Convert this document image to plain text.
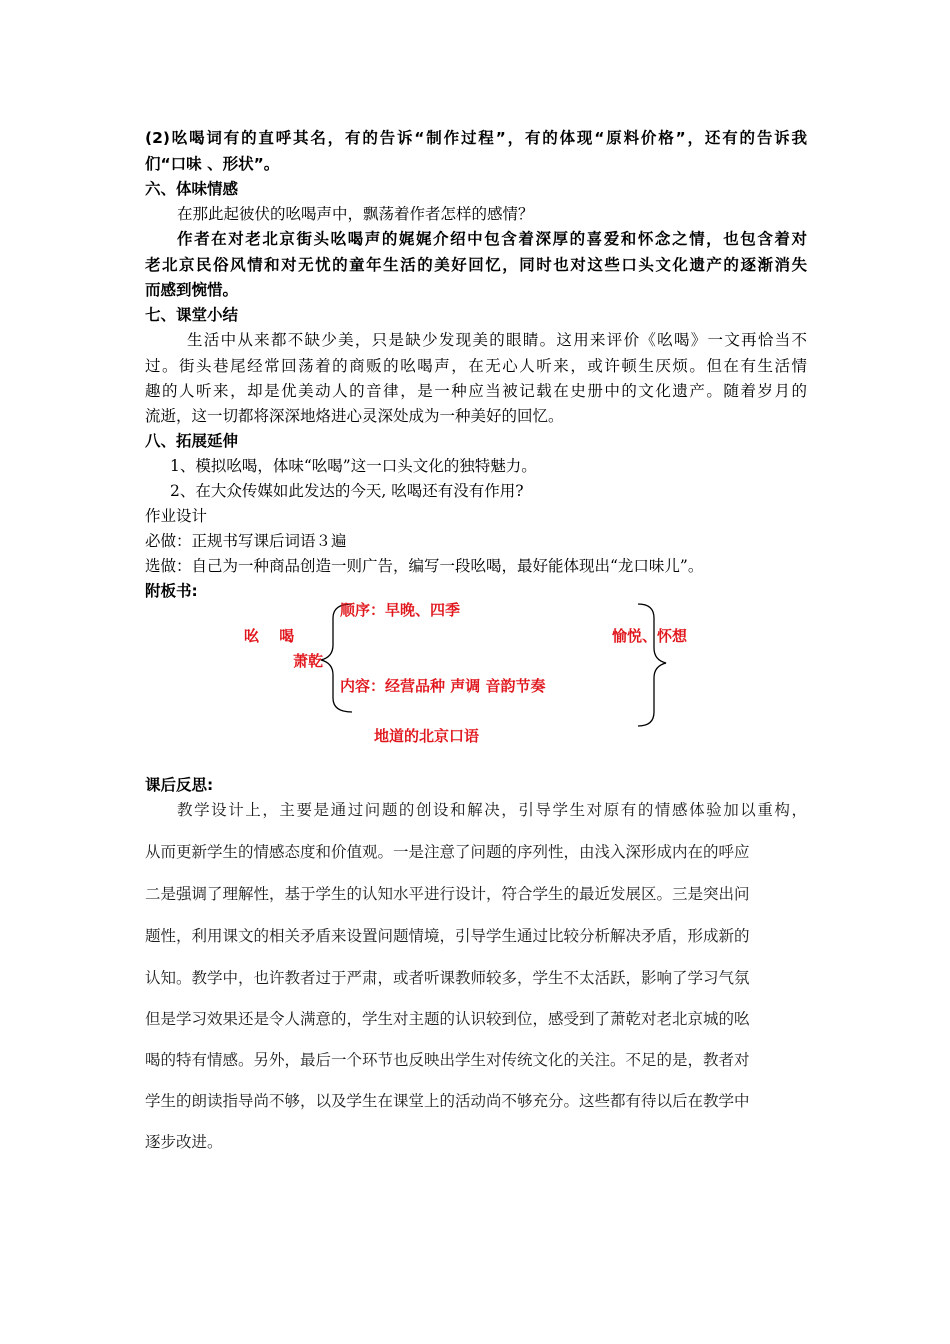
(2)吆喝词有的直呼其名，有的告诉“制作过程”，有的体现“原料价格”，还有的告诉我
们“口味 、形状”。
六、体味情感
在那此起彼伏的吆喝声中，飘荡着作者怎样的感情？
作者在对老北京街头吆喝声的娓娓介绍中包含着深厚的喜爱和怀念之情，也包含着对
老北京民俗风情和对无忧的童年生活的美好回忆，同时也对这些口头文化遗产的逐渐消失
而感到惋惜。
七、课堂小结
生活中从来都不缺少美，只是缺少发现美的眼睛。这用来评价《吆喝》一文再恰当不
过。街头巷尾经常回荡着的商贩的吆喝声，在无心人听来，或许顿生厌烦。但在有生活情
趣的人听来，却是优美动人的音律，是一种应当被记载在史册中的文化遗产。随着岁月的
流逝，这一切都将深深地烙进心灵深处成为一种美好的回忆。
八、拓展延伸
1、模拟吆喝，体味“吆喝”这一口头文化的独特魅力。
2、在大众传媒如此发达的今天, 吆喝还有没有作用?
作业设计
必做：正规书写课后词语３遍
选做：自己为一种商品创造一则广告，编写一段吆喝，最好能体现出“龙口味儿”。
附板书:
吆　 喝
萧乾
顺序：早晚、四季
内容：经营品种 声调 音韵节奏
愉悦、怀想
地道的北京口语
课后反思:
教学设计上，主要是通过问题的创设和解决，引导学生对原有的情感体验加以重构，
从而更新学生的情感态度和价值观。一是注意了问题的序列性，由浅入深形成内在的呼应
二是强调了理解性，基于学生的认知水平进行设计，符合学生的最近发展区。三是突出问
题性，利用课文的相关矛盾来设置问题情境，引导学生通过比较分析解决矛盾，形成新的
认知。教学中，也许教者过于严肃，或者听课教师较多，学生不太活跃，影响了学习气氛
但是学习效果还是令人满意的，学生对主题的认识较到位，感受到了萧乾对老北京城的吆
喝的特有情感。另外，最后一个环节也反映出学生对传统文化的关注。不足的是，教者对
学生的朗读指导尚不够，以及学生在课堂上的活动尚不够充分。这些都有待以后在教学中
逐步改进。
